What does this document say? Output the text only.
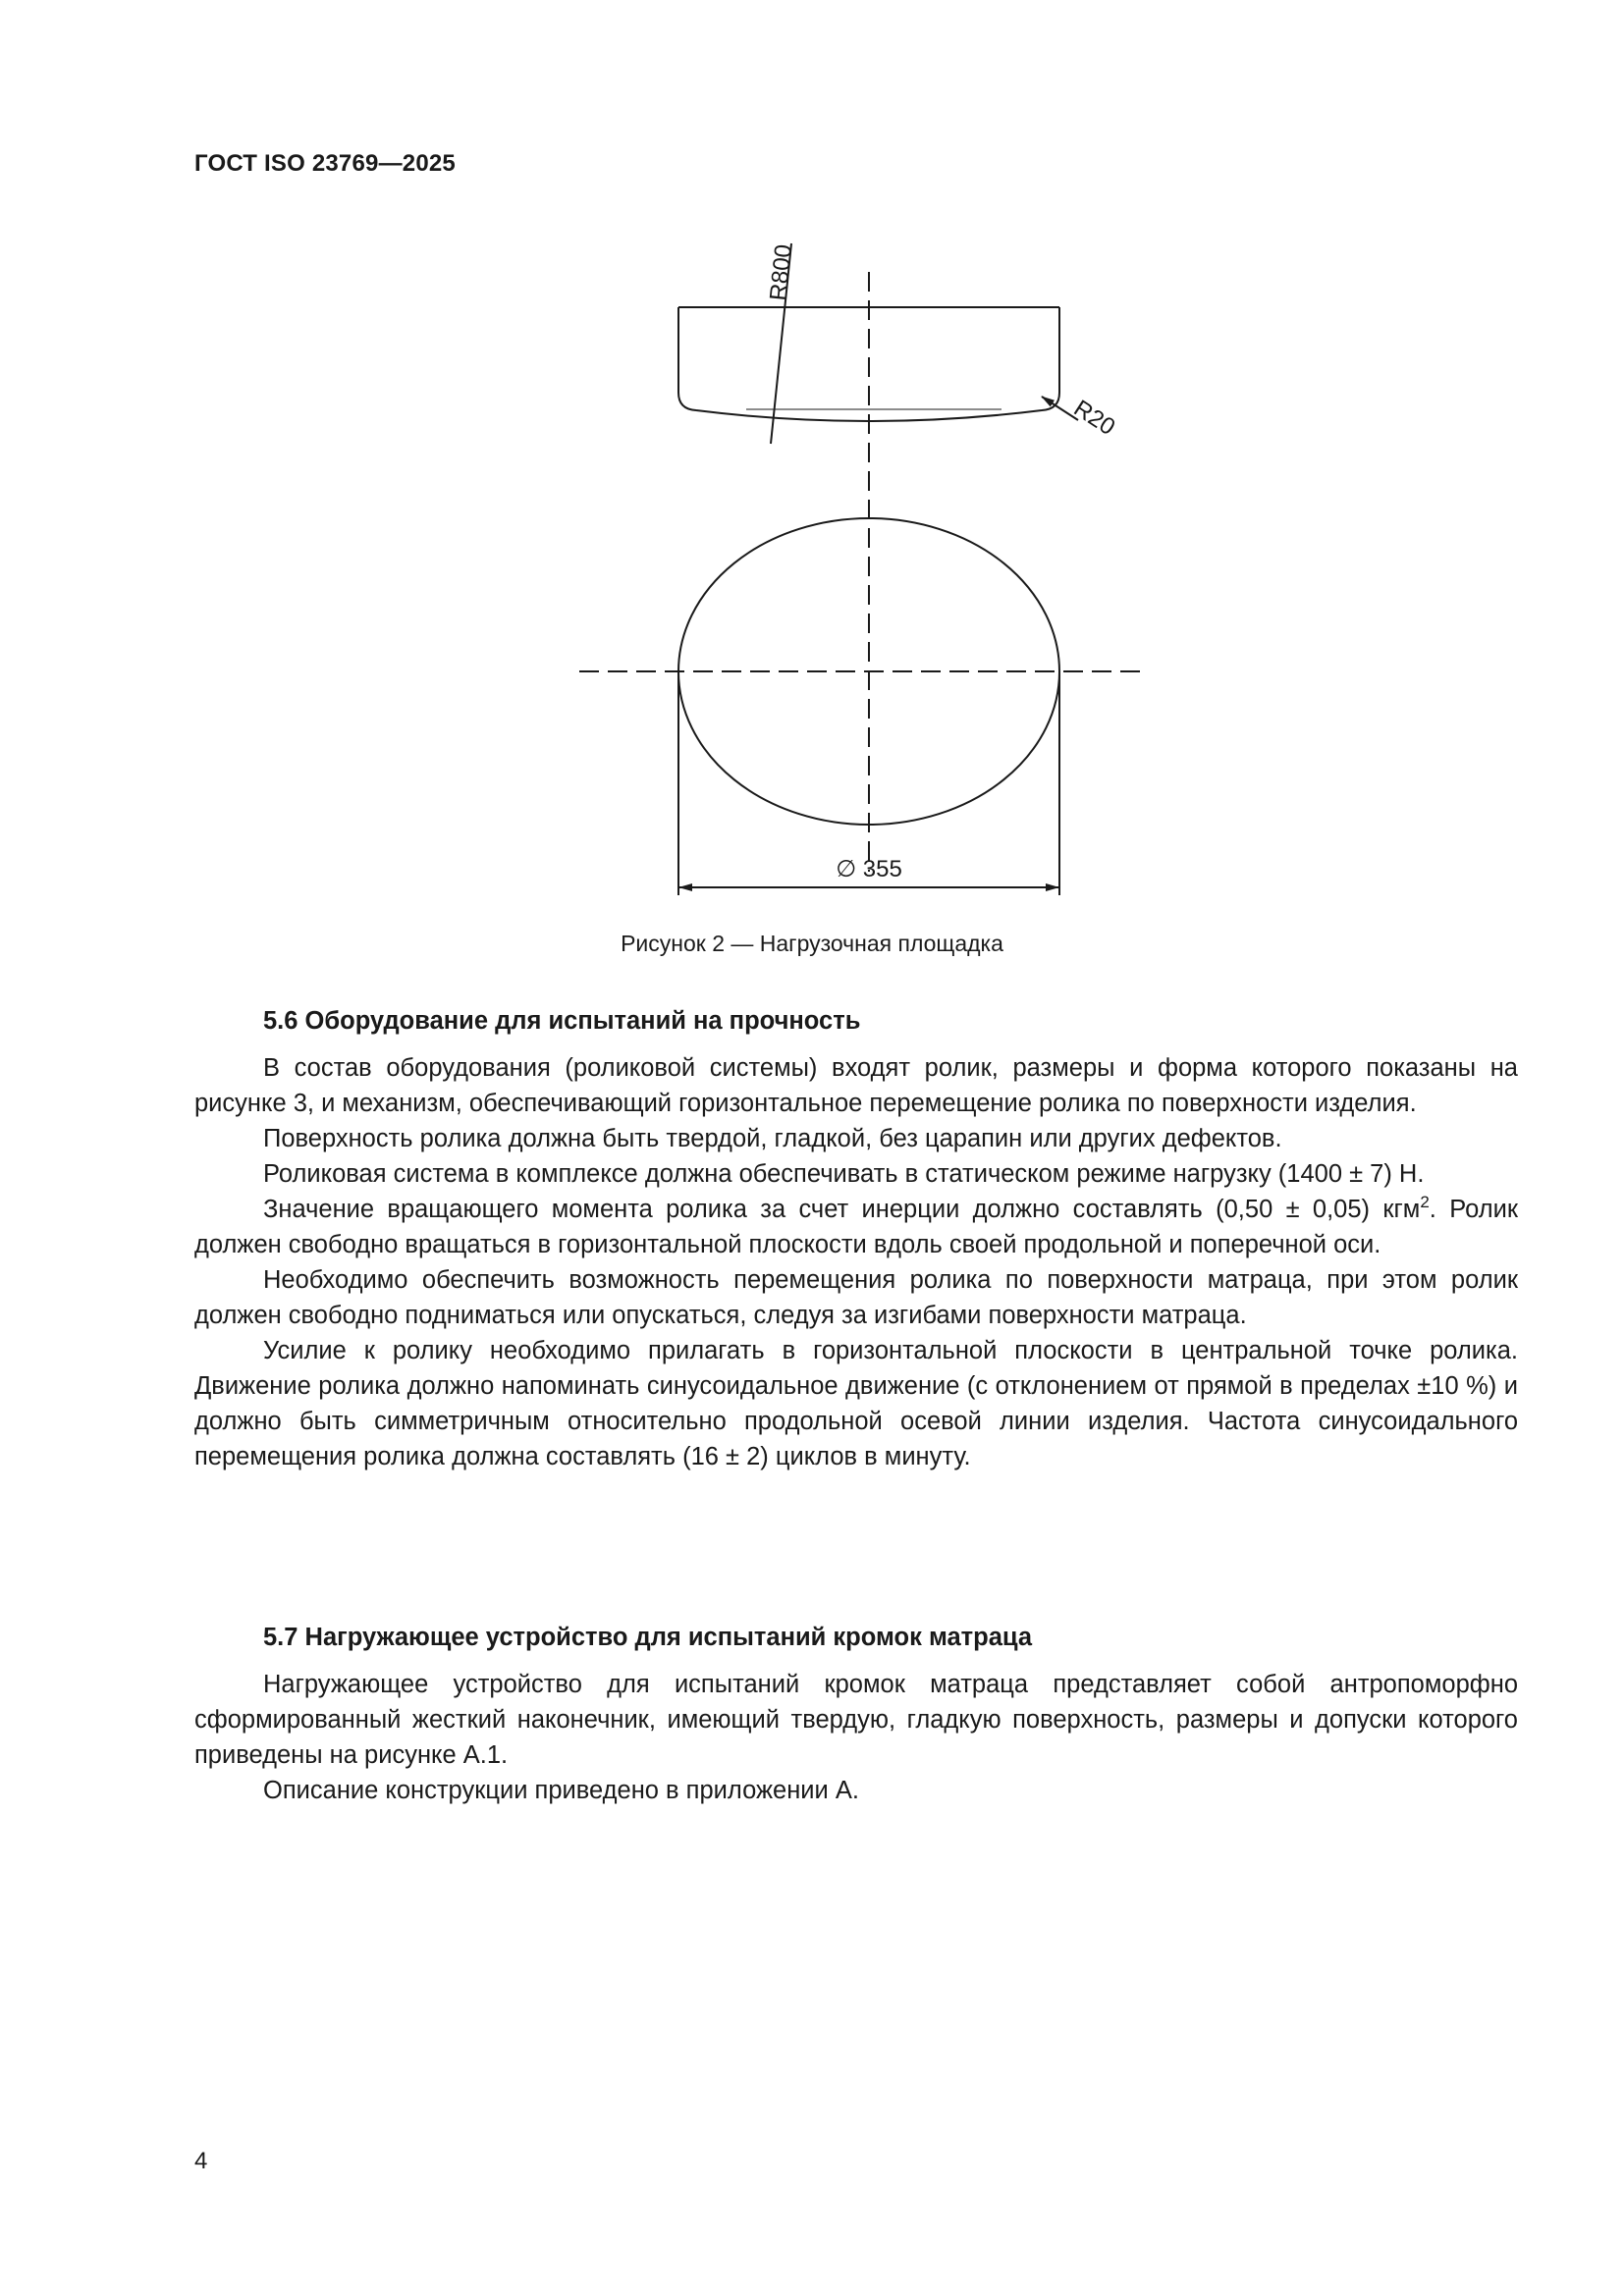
ГОСТ ISO 23769—2025
R800
R20
∅ 355
Рисунок 2 — Нагрузочная площадка

5.6 Оборудование для испытаний на прочность

В состав оборудования (роликовой системы) входят ролик, размеры и форма которого показаны на рисунке 3, и механизм, обеспечивающий горизонтальное перемещение ролика по поверхности изделия.

Поверхность ролика должна быть твердой, гладкой, без царапин или других дефектов.

Роликовая система в комплексе должна обеспечивать в статическом режиме нагрузку (1400 ± 7) Н.

Значение вращающего момента ролика за счет инерции должно составлять (0,50 ± 0,05) кгм$^2$. Ролик должен свободно вращаться в горизонтальной плоскости вдоль своей продольной и поперечной оси.

Необходимо обеспечить возможность перемещения ролика по поверхности матраца, при этом ролик должен свободно подниматься или опускаться, следуя за изгибами поверхности матраца.

Усилие к ролику необходимо прилагать в горизонтальной плоскости в центральной точке ролика. Движение ролика должно напоминать синусоидальное движение (с отклонением от прямой в пределах ±10 %) и должно быть симметричным относительно продольной осевой линии изделия. Частота синусоидального перемещения ролика должна составлять (16 ± 2) циклов в минуту.

5.7 Нагружающее устройство для испытаний кромок матраца

Нагружающее устройство для испытаний кромок матраца представляет собой антропоморфно сформированный жесткий наконечник, имеющий твердую, гладкую поверхность, размеры и допуски которого приведены на рисунке А.1.

Описание конструкции приведено в приложении А.

4
